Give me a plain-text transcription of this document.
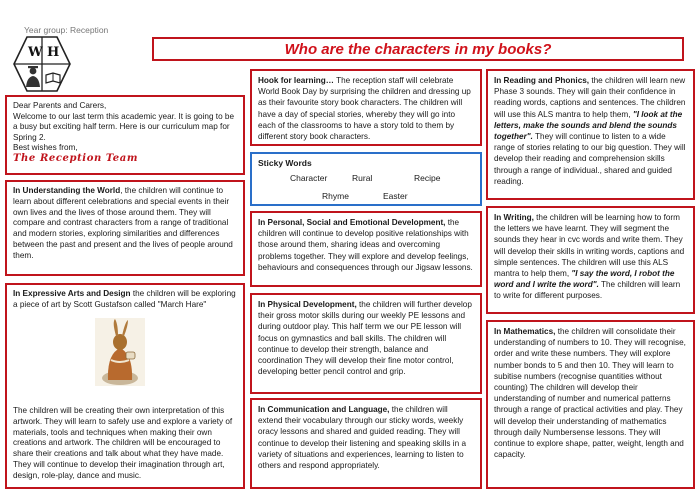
Year group: Reception
W H	Who are the characters in my books?
Dear Parents and Carers,
Welcome to our last term this academic year. It is going to be a busy but exciting half term. Here is our curriculum map for Spring 2.
Best wishes from,
The Reception Team

In Understanding the World, the children will continue to learn about different celebrations and special events in their own lives and the lives of those around them. They will compare and contrast characters from a range of traditional and modern stories, exploring similarities and differences between the past and present and the lives of people around them.

In Expressive Arts and Design the children will be exploring a piece of art by Scott Gustafson called "March Hare"

The children will be creating their own interpretation of this artwork. They will learn to safely use and explore a variety of materials, tools and techniques when making their own creations and artwork. The children will be encouraged to share their creations and talk about what they have made. They will continue to develop their imagination through art, design, role-play, dance and music.

Hook for learning… The reception staff will celebrate World Book Day by surprising the children and dressing up as their favourite story book characters. The children will have a day of special stories, whereby they will go into each of the classrooms to have a story told to them by different story book characters.

Sticky Words
Character	Rural	Recipe
Rhyme	Easter

In Personal, Social and Emotional Development, the children will continue to develop positive relationships with those around them, sharing ideas and overcoming problems together. They will explore and develop feelings, behaviours and consequences through our Jigsaw lessons.

In Physical Development, the children will further develop their gross motor skills during our weekly PE lessons and during outdoor play. This half term we our PE lesson will focus on gymnastics and ball skills. The children will continue to develop their strength, balance and coordination They will develop their fine motor control, developing better pencil control and grip.

In Communication and Language, the children will extend their vocabulary through our sticky words, weekly oracy lessons and shared and guided reading. They will continue to develop their listening and speaking skills in a variety of situations and experiences, learning to listen to others and respond appropriately.

In Reading and Phonics, the children will learn new Phase 3 sounds. They will gain their confidence in reading words, captions and sentences. The children will use this ALS mantra to help them, "I look at the letters, make the sounds and blend the sounds together". They will continue to listen to a wide range of stories relating to our big question. They will develop their reading and comprehension skills through a range of individual., shared and guided reading.

In Writing, the children will be learning how to form the letters we have learnt. They will segment the sounds they hear in cvc words and write them. They will develop their skills in writing words, captions and simple sentences. The children will use this ALS mantra to help them, "I say the word, I robot the word and I write the word". The children will learn to write for different purposes.

In Mathematics, the children will consolidate their understanding of numbers to 10. They will recognise, order and write these numbers. They will explore number bonds to 5 and then 10. They will learn to subitise numbers (recognise quantities without counting) The children will develop their understanding of number and numerical patterns through a range of practical activities and play. They will develop their understanding of mathematics through daily Numbersense lessons. They will continue to explore shape, patter, weight, length and capacity.
